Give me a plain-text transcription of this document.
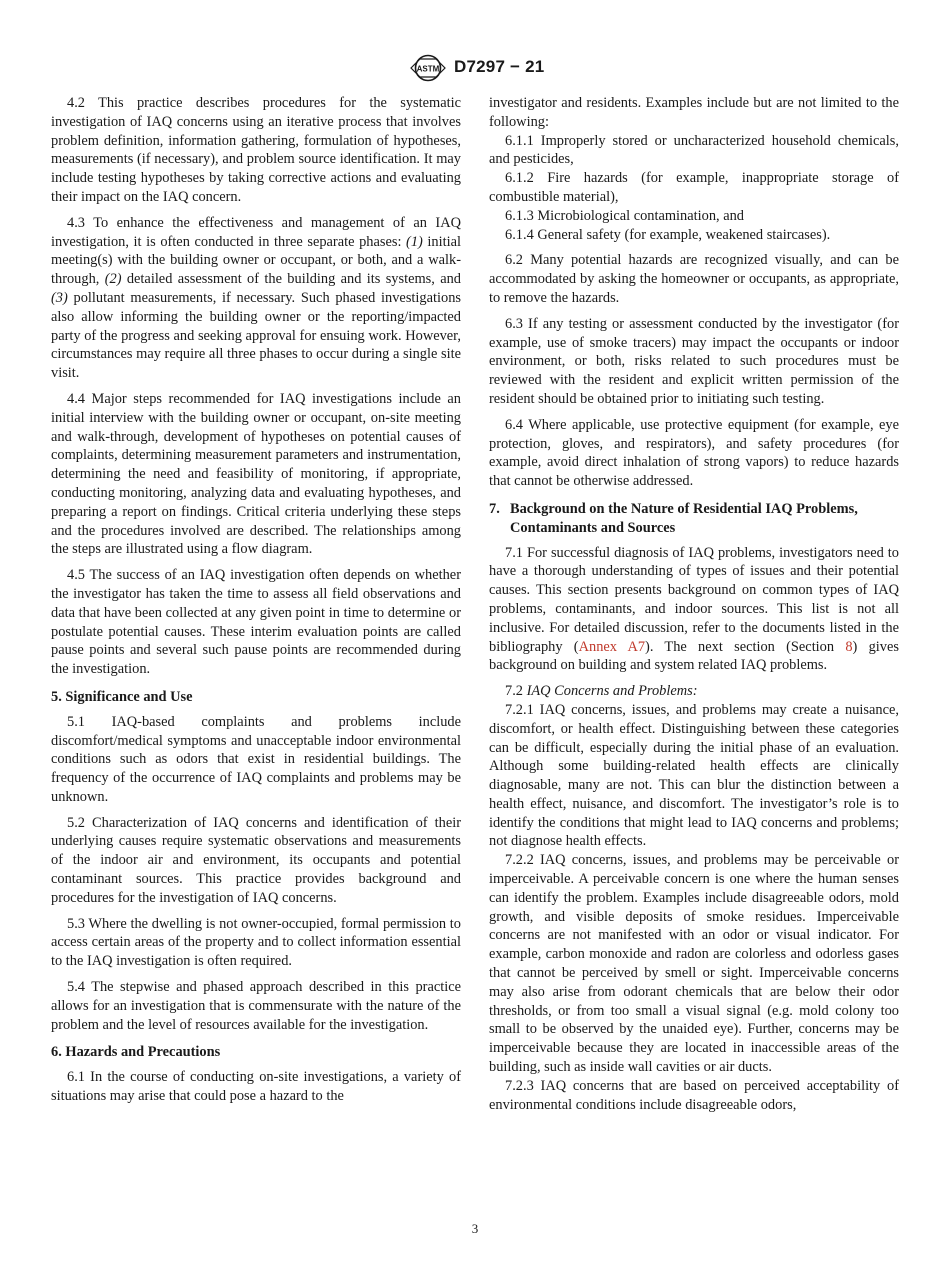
ASTM D7297 − 21

4.2 This practice describes procedures for the systematic investigation of IAQ concerns using an iterative process that involves problem definition, information gathering, formulation of hypotheses, measurements (if necessary), and problem source identification. It may include testing hypotheses by taking corrective actions and evaluating their impact on the IAQ concern.

4.3 To enhance the effectiveness and management of an IAQ investigation, it is often conducted in three separate phases: (1) initial meeting(s) with the building owner or occupant, or both, and a walk-through, (2) detailed assessment of the building and its systems, and (3) pollutant measurements, if necessary. Such phased investigations also allow informing the building owner or the reporting/impacted party of the progress and seeking approval for ensuing work. However, circumstances may require all three phases to occur during a single site visit.

4.4 Major steps recommended for IAQ investigations include an initial interview with the building owner or occupant, on-site meeting and walk-through, development of hypotheses on potential causes of complaints, determining measurement parameters and instrumentation, determining the need and feasibility of monitoring, if appropriate, conducting monitoring, analyzing data and evaluating hypotheses, and preparing a report on findings. Critical criteria underlying these steps and the procedures involved are described. The relationships among the steps are illustrated using a flow diagram.

4.5 The success of an IAQ investigation often depends on whether the investigator has taken the time to assess all field observations and data that have been collected at any given point in time to determine or postulate potential causes. These interim evaluation points are called pause points and several such pause points are recommended during the investigation.

5. Significance and Use

5.1 IAQ-based complaints and problems include discomfort/medical symptoms and unacceptable indoor environmental conditions such as odors that exist in residential buildings. The frequency of the occurrence of IAQ complaints and problems may be unknown.

5.2 Characterization of IAQ concerns and identification of their underlying causes require systematic observations and measurements of the indoor air and environment, its occupants and potential contaminant sources. This practice provides background and procedures for the investigation of IAQ concerns.

5.3 Where the dwelling is not owner-occupied, formal permission to access certain areas of the property and to collect information essential to the IAQ investigation is often required.

5.4 The stepwise and phased approach described in this practice allows for an investigation that is commensurate with the nature of the problem and the level of resources available for the investigation.

6. Hazards and Precautions

6.1 In the course of conducting on-site investigations, a variety of situations may arise that could pose a hazard to the

investigator and residents. Examples include but are not limited to the following:

6.1.1 Improperly stored or uncharacterized household chemicals, and pesticides,

6.1.2 Fire hazards (for example, inappropriate storage of combustible material),

6.1.3 Microbiological contamination, and

6.1.4 General safety (for example, weakened staircases).

6.2 Many potential hazards are recognized visually, and can be accommodated by asking the homeowner or occupants, as appropriate, to remove the hazards.

6.3 If any testing or assessment conducted by the investigator (for example, use of smoke tracers) may impact the occupants or indoor environment, or both, risks related to such procedures must be reviewed with the resident and explicit written permission of the resident should be obtained prior to initiating such testing.

6.4 Where applicable, use protective equipment (for example, eye protection, gloves, and respirators), and safety procedures (for example, avoid direct inhalation of strong vapors) to reduce hazards that cannot be otherwise addressed.

7. Background on the Nature of Residential IAQ Problems, Contaminants and Sources

7.1 For successful diagnosis of IAQ problems, investigators need to have a thorough understanding of types of issues and their potential causes. This section presents background on common types of IAQ problems, contaminants, and indoor sources. This list is not all inclusive. For detailed discussion, refer to the documents listed in the bibliography (Annex A7). The next section (Section 8) gives background on building and system related IAQ problems.

7.2 IAQ Concerns and Problems:

7.2.1 IAQ concerns, issues, and problems may create a nuisance, discomfort, or health effect. Distinguishing between these categories can be difficult, especially during the initial phase of an evaluation. Although some building-related health effects are clinically diagnosable, many are not. This can blur the distinction between a health effect, nuisance, and discomfort. The investigator’s role is to identify the conditions that might lead to IAQ concerns and problems; not diagnose health effects.

7.2.2 IAQ concerns, issues, and problems may be perceivable or imperceivable. A perceivable concern is one where the human senses can identify the problem. Examples include disagreeable odors, mold growth, and visible deposits of smoke residues. Imperceivable concerns are not manifested with an odor or visual indicator. For example, carbon monoxide and radon are colorless and odorless gases that cannot be perceived by smell or sight. Imperceivable concerns may also arise from odorant chemicals that are below their odor thresholds, or from too small a visual signal (e.g. mold colony too small to be observed by the unaided eye). Further, concerns may be imperceivable because they are located in inaccessible areas of the building, such as inside wall cavities or air ducts.

7.2.3 IAQ concerns that are based on perceived acceptability of environmental conditions include disagreeable odors,

3
